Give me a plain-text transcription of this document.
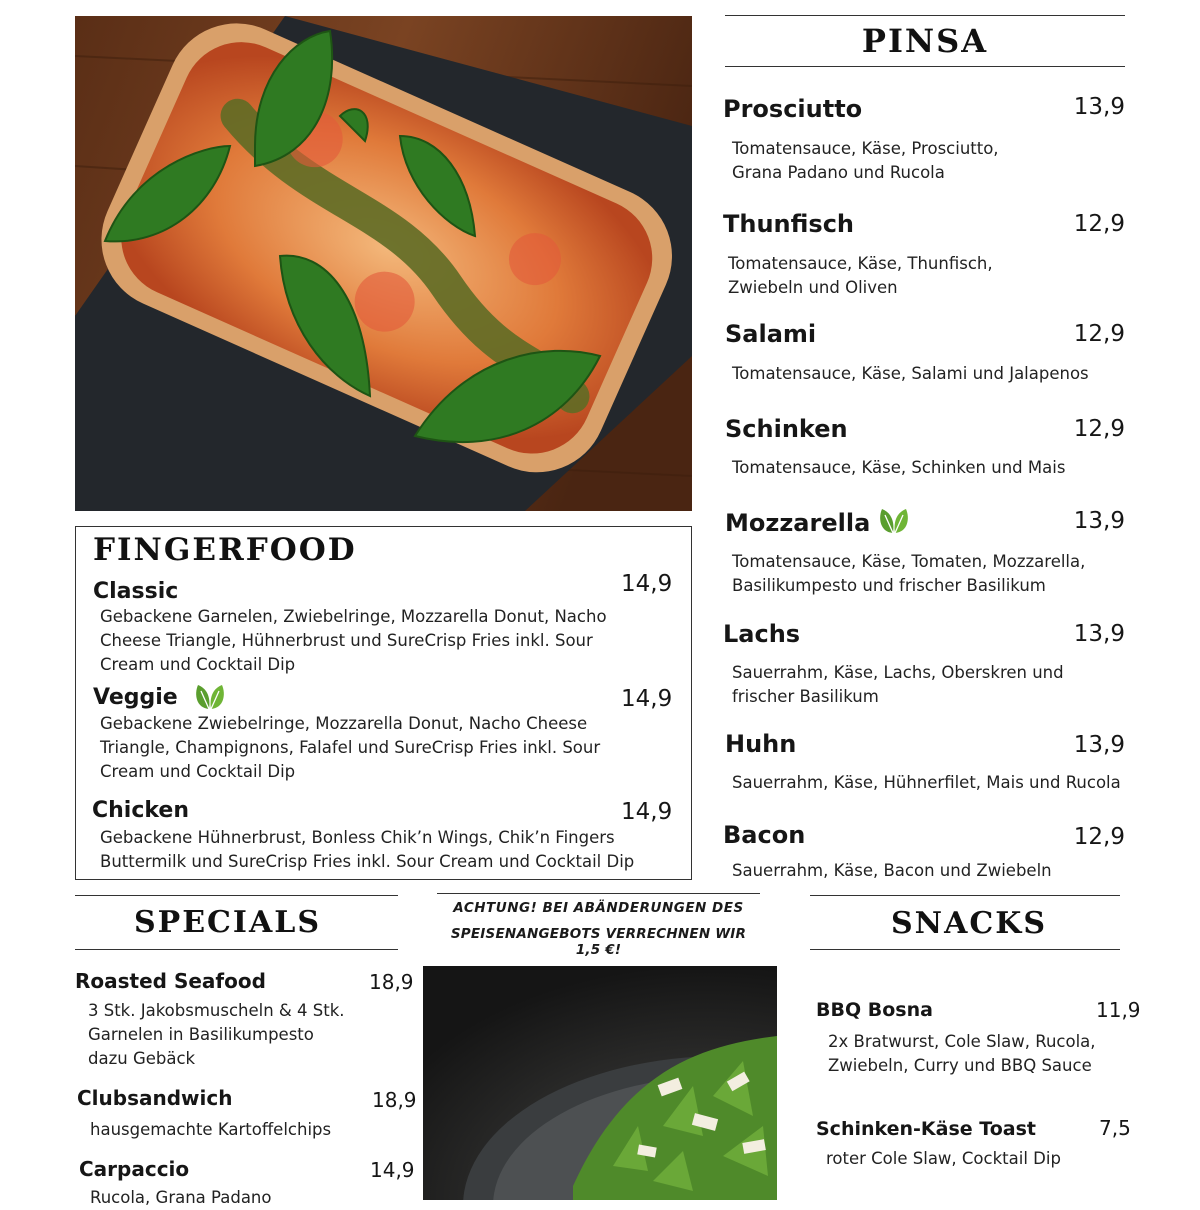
PINSA
Prosciutto	13,9
Tomatensauce, Käse, Prosciutto, Grana Padano und Rucola
Thunfisch	12,9
Tomatensauce, Käse, Thunfisch, Zwiebeln und Oliven
Salami	12,9
Tomatensauce, Käse, Salami und Jalapenos
Schinken	12,9
Tomatensauce, Käse, Schinken und Mais
Mozzarella	13,9
Tomatensauce, Käse, Tomaten, Mozzarella, Basilikumpesto und frischer Basilikum
Lachs	13,9
Sauerrahm, Käse, Lachs, Oberskren und frischer Basilikum
Huhn	13,9
Sauerrahm, Käse, Hühnerfilet, Mais und Rucola
Bacon	12,9
Sauerrahm, Käse, Bacon und Zwiebeln
FINGERFOOD
Classic	14,9
Gebackene Garnelen, Zwiebelringe, Mozzarella Donut, Nacho Cheese Triangle, Hühnerbrust und SureCrisp Fries inkl. Sour Cream und Cocktail Dip
Veggie	14,9
Gebackene Zwiebelringe, Mozzarella Donut, Nacho Cheese Triangle, Champignons, Falafel und SureCrisp Fries inkl. Sour Cream und Cocktail Dip
Chicken	14,9
Gebackene Hühnerbrust, Bonless Chik’n Wings, Chik’n Fingers Buttermilk und SureCrisp Fries inkl. Sour Cream und Cocktail Dip
SPECIALS
Roasted Seafood	18,9
3 Stk. Jakobsmuscheln & 4 Stk. Garnelen in Basilikumpesto dazu Gebäck
Clubsandwich	18,9
hausgemachte Kartoffelchips
Carpaccio	14,9
Rucola, Grana Padano
ACHTUNG! BEI ABÄNDERUNGEN DES
SPEISENANGEBOTS VERRECHNEN WIR 1,5 €!
SNACKS
BBQ Bosna	11,9
2x Bratwurst, Cole Slaw, Rucola, Zwiebeln, Curry und BBQ Sauce
Schinken-Käse Toast	7,5
roter Cole Slaw, Cocktail Dip
